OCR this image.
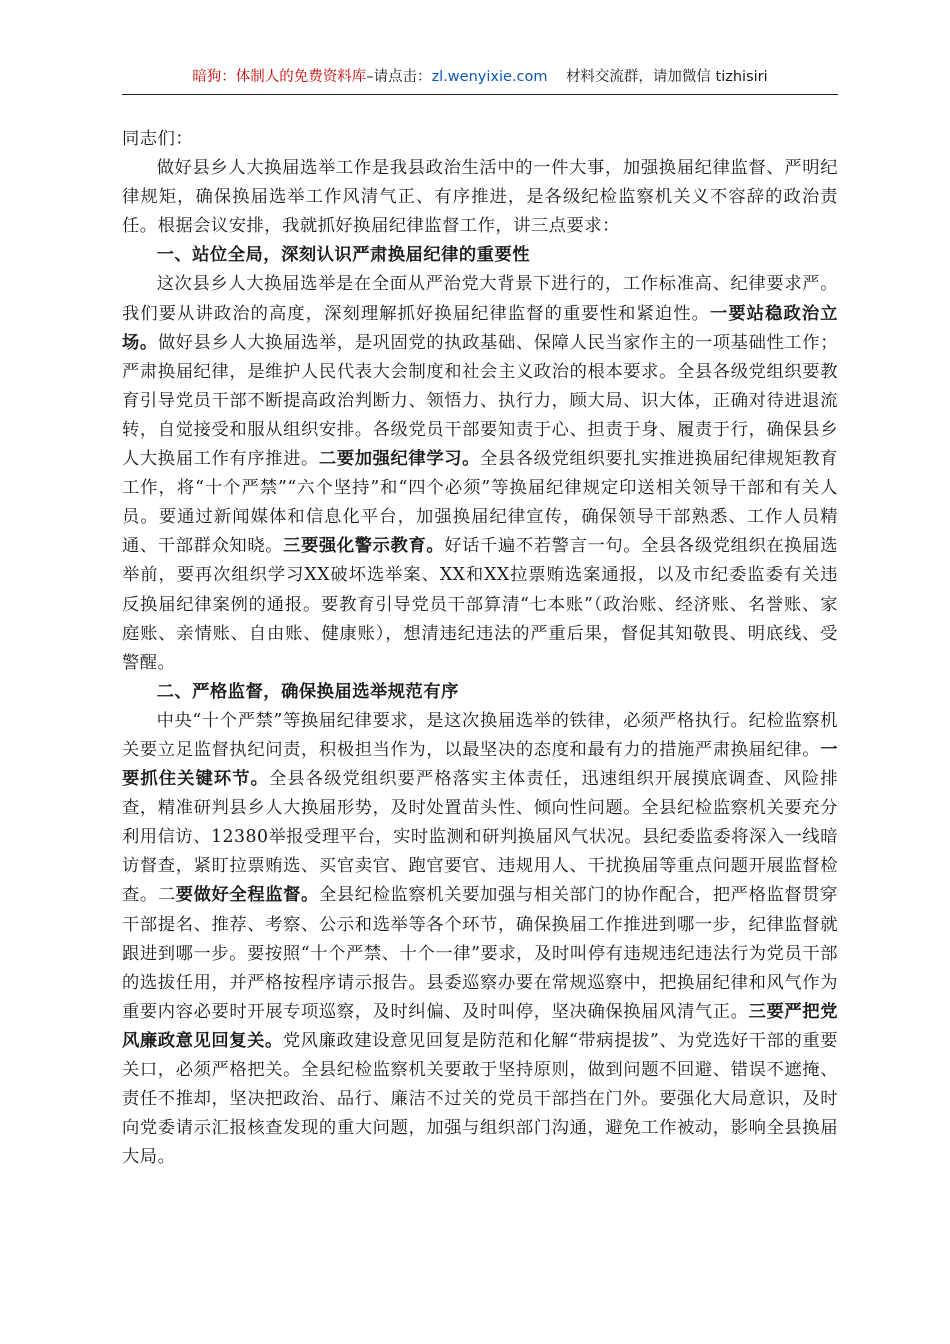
暗狗：体制人的免费资料库–请点击：zl.wenyixie.com 材料交流群，请加微信 tizhisiri

同志们：

做好县乡人大换届选举工作是我县政治生活中的一件大事，加强换届纪律监督、严明纪律规矩，确保换届选举工作风清气正、有序推进，是各级纪检监察机关义不容辞的政治责任。根据会议安排，我就抓好换届纪律监督工作，讲三点要求：

一、站位全局，深刻认识严肃换届纪律的重要性

这次县乡人大换届选举是在全面从严治党大背景下进行的，工作标准高、纪律要求严。我们要从讲政治的高度，深刻理解抓好换届纪律监督的重要性和紧迫性。一要站稳政治立场。做好县乡人大换届选举，是巩固党的执政基础、保障人民当家作主的一项基础性工作；严肃换届纪律，是维护人民代表大会制度和社会主义政治的根本要求。全县各级党组织要教育引导党员干部不断提高政治判断力、领悟力、执行力，顾大局、识大体，正确对待进退流转，自觉接受和服从组织安排。各级党员干部要知责于心、担责于身、履责于行，确保县乡人大换届工作有序推进。二要加强纪律学习。全县各级党组织要扎实推进换届纪律规矩教育工作，将“十个严禁”“六个坚持”和“四个必须”等换届纪律规定印送相关领导干部和有关人员。要通过新闻媒体和信息化平台，加强换届纪律宣传，确保领导干部熟悉、工作人员精通、干部群众知晓。三要强化警示教育。好话千遍不若警言一句。全县各级党组织在换届选举前，要再次组织学习XX破坏选举案、XX和XX拉票贿选案通报，以及市纪委监委有关违反换届纪律案例的通报。要教育引导党员干部算清“七本账”（政治账、经济账、名誉账、家庭账、亲情账、自由账、健康账），想清违纪违法的严重后果，督促其知敬畏、明底线、受警醒。

二、严格监督，确保换届选举规范有序

中央“十个严禁”等换届纪律要求，是这次换届选举的铁律，必须严格执行。纪检监察机关要立足监督执纪问责，积极担当作为，以最坚决的态度和最有力的措施严肃换届纪律。一要抓住关键环节。全县各级党组织要严格落实主体责任，迅速组织开展摸底调查、风险排查，精准研判县乡人大换届形势，及时处置苗头性、倾向性问题。全县纪检监察机关要充分利用信访、12380举报受理平台，实时监测和研判换届风气状况。县纪委监委将深入一线暗访督查，紧盯拉票贿选、买官卖官、跑官要官、违规用人、干扰换届等重点问题开展监督检查。二要做好全程监督。全县纪检监察机关要加强与相关部门的协作配合，把严格监督贯穿干部提名、推荐、考察、公示和选举等各个环节，确保换届工作推进到哪一步，纪律监督就跟进到哪一步。要按照“十个严禁、十个一律”要求，及时叫停有违规违纪违法行为党员干部的选拔任用，并严格按程序请示报告。县委巡察办要在常规巡察中，把换届纪律和风气作为重要内容必要时开展专项巡察，及时纠偏、及时叫停，坚决确保换届风清气正。三要严把党风廉政意见回复关。党风廉政建设意见回复是防范和化解“带病提拔”、为党选好干部的重要关口，必须严格把关。全县纪检监察机关要敢于坚持原则，做到问题不回避、错误不遮掩、责任不推却，坚决把政治、品行、廉洁不过关的党员干部挡在门外。要强化大局意识，及时向党委请示汇报核查发现的重大问题，加强与组织部门沟通，避免工作被动，影响全县换届大局。
